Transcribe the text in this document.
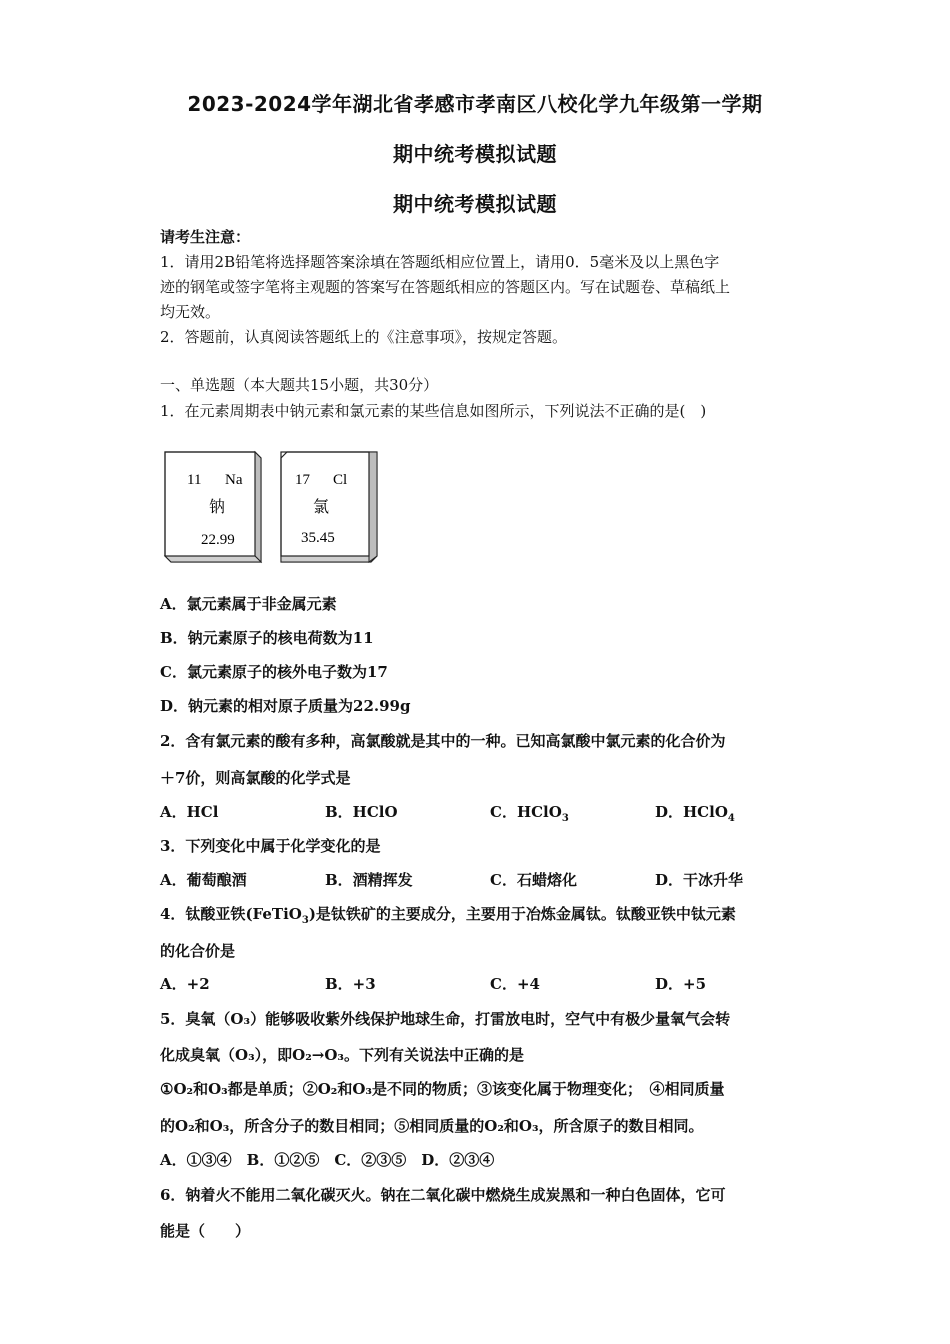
2023-2024学年湖北省孝感市孝南区八校化学九年级第一学期
期中统考模拟试题
期中统考模拟试题
请考生注意：
1．请用2B铅笔将选择题答案涂填在答题纸相应位置上，请用0．5毫米及以上黑色字
迹的钢笔或签字笔将主观题的答案写在答题纸相应的答题区内。写在试题卷、草稿纸上
均无效。
2．答题前，认真阅读答题纸上的《注意事项》，按规定答题。
一、单选题（本大题共15小题，共30分）
1．在元素周期表中钠元素和氯元素的某些信息如图所示，下列说法不正确的是(　)
11 Na
钠
22.99
17 Cl
氯
35.45
A．氯元素属于非金属元素
B．钠元素原子的核电荷数为11
C．氯元素原子的核外电子数为17
D．钠元素的相对原子质量为22.99g
2．含有氯元素的酸有多种，高氯酸就是其中的一种。已知高氯酸中氯元素的化合价为
＋7价，则高氯酸的化学式是
A．HCl	B．HClO	C．HClO$_3$	D．HClO$_4$
3．下列变化中属于化学变化的是
A．葡萄酿酒	B．酒精挥发	C．石蜡熔化	D．干冰升华
4．钛酸亚铁(FeTiO$_3$)是钛铁矿的主要成分，主要用于冶炼金属钛。钛酸亚铁中钛元素
的化合价是
A．+2	B．+3	C．+4	D．+5
5．臭氧（O₃）能够吸收紫外线保护地球生命，打雷放电时，空气中有极少量氧气会转
化成臭氧（O₃），即O₂→O₃。下列有关说法中正确的是
①O₂和O₃都是单质；②O₂和O₃是不同的物质；③该变化属于物理变化；　④相同质量
的O₂和O₃，所含分子的数目相同；⑤相同质量的O₂和O₃，所含原子的数目相同。
A．①③④　B．①②⑤　C．②③⑤　D．②③④
6．钠着火不能用二氧化碳灭火。钠在二氧化碳中燃烧生成炭黑和一种白色固体，它可
能是（　　）
